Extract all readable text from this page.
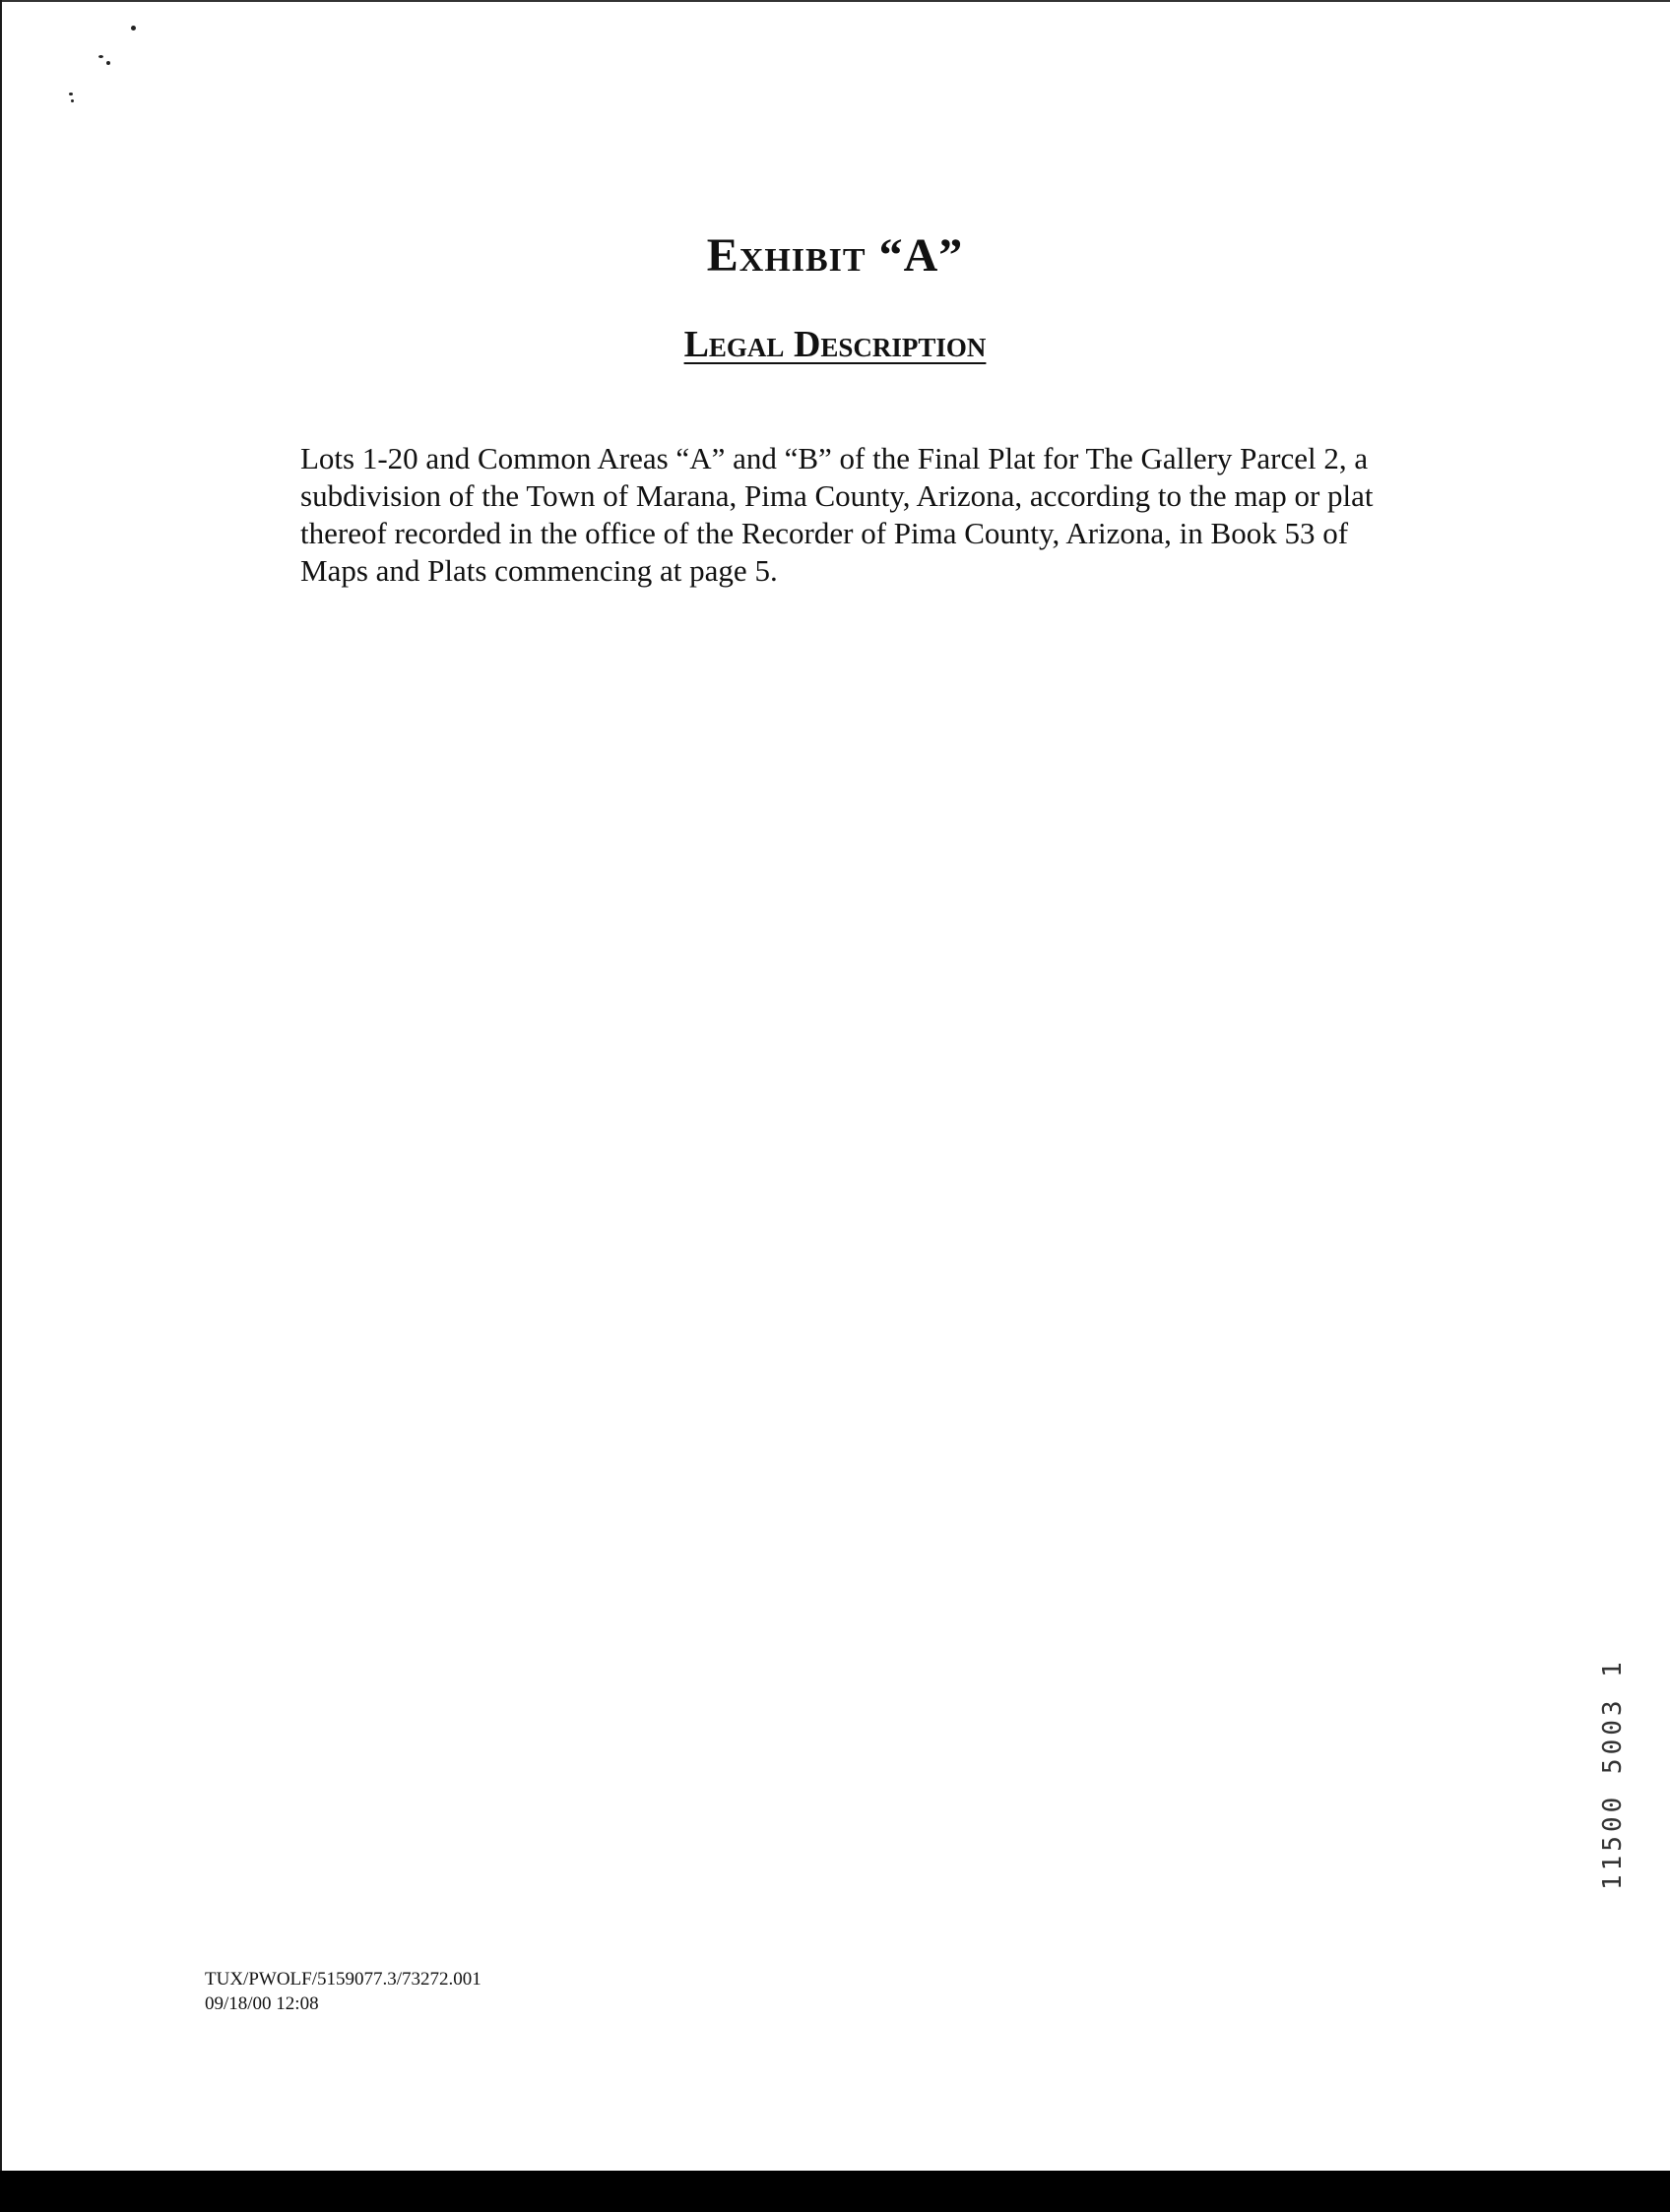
Exhibit “A”
Legal Description

Lots 1-20 and Common Areas “A” and “B” of the Final Plat for The Gallery Parcel 2, a
subdivision of the Town of Marana, Pima County, Arizona, according to the map or plat
thereof recorded in the office of the Recorder of Pima County, Arizona, in Book 53 of
Maps and Plats commencing at page 5.

TUX/PWOLF/5159077.3/73272.001
09/18/00 12:08
11500 5003 1
